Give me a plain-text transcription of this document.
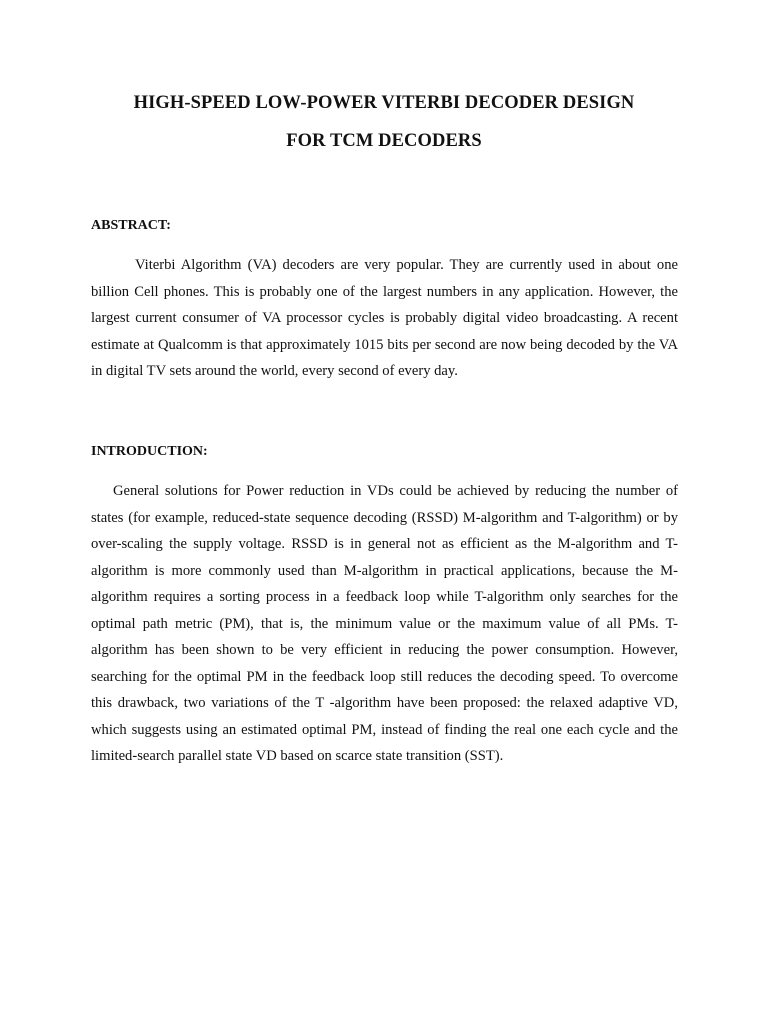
HIGH-SPEED LOW-POWER VITERBI DECODER DESIGN
FOR TCM DECODERS
ABSTRACT:

Viterbi Algorithm (VA) decoders are very popular. They are currently used in about one billion Cell phones. This is probably one of the largest numbers in any application. However, the largest current consumer of VA processor cycles is probably digital video broadcasting. A recent estimate at Qualcomm is that approximately 1015 bits per second are now being decoded by the VA in digital TV sets around the world, every second of every day.

INTRODUCTION:

General solutions for Power reduction in VDs could be achieved by reducing the number of states (for example, reduced-state sequence decoding (RSSD) M-algorithm and T-algorithm) or by over-scaling the supply voltage. RSSD is in general not as efficient as the M-algorithm and T-algorithm is more commonly used than M-algorithm in practical applications, because the M-algorithm requires a sorting process in a feedback loop while T-algorithm only searches for the optimal path metric (PM), that is, the minimum value or the maximum value of all PMs. T-algorithm has been shown to be very efficient in reducing the power consumption. However, searching for the optimal PM in the feedback loop still reduces the decoding speed. To overcome this drawback, two variations of the T -algorithm have been proposed: the relaxed adaptive VD, which suggests using an estimated optimal PM, instead of finding the real one each cycle and the limited-search parallel state VD based on scarce state transition (SST).
